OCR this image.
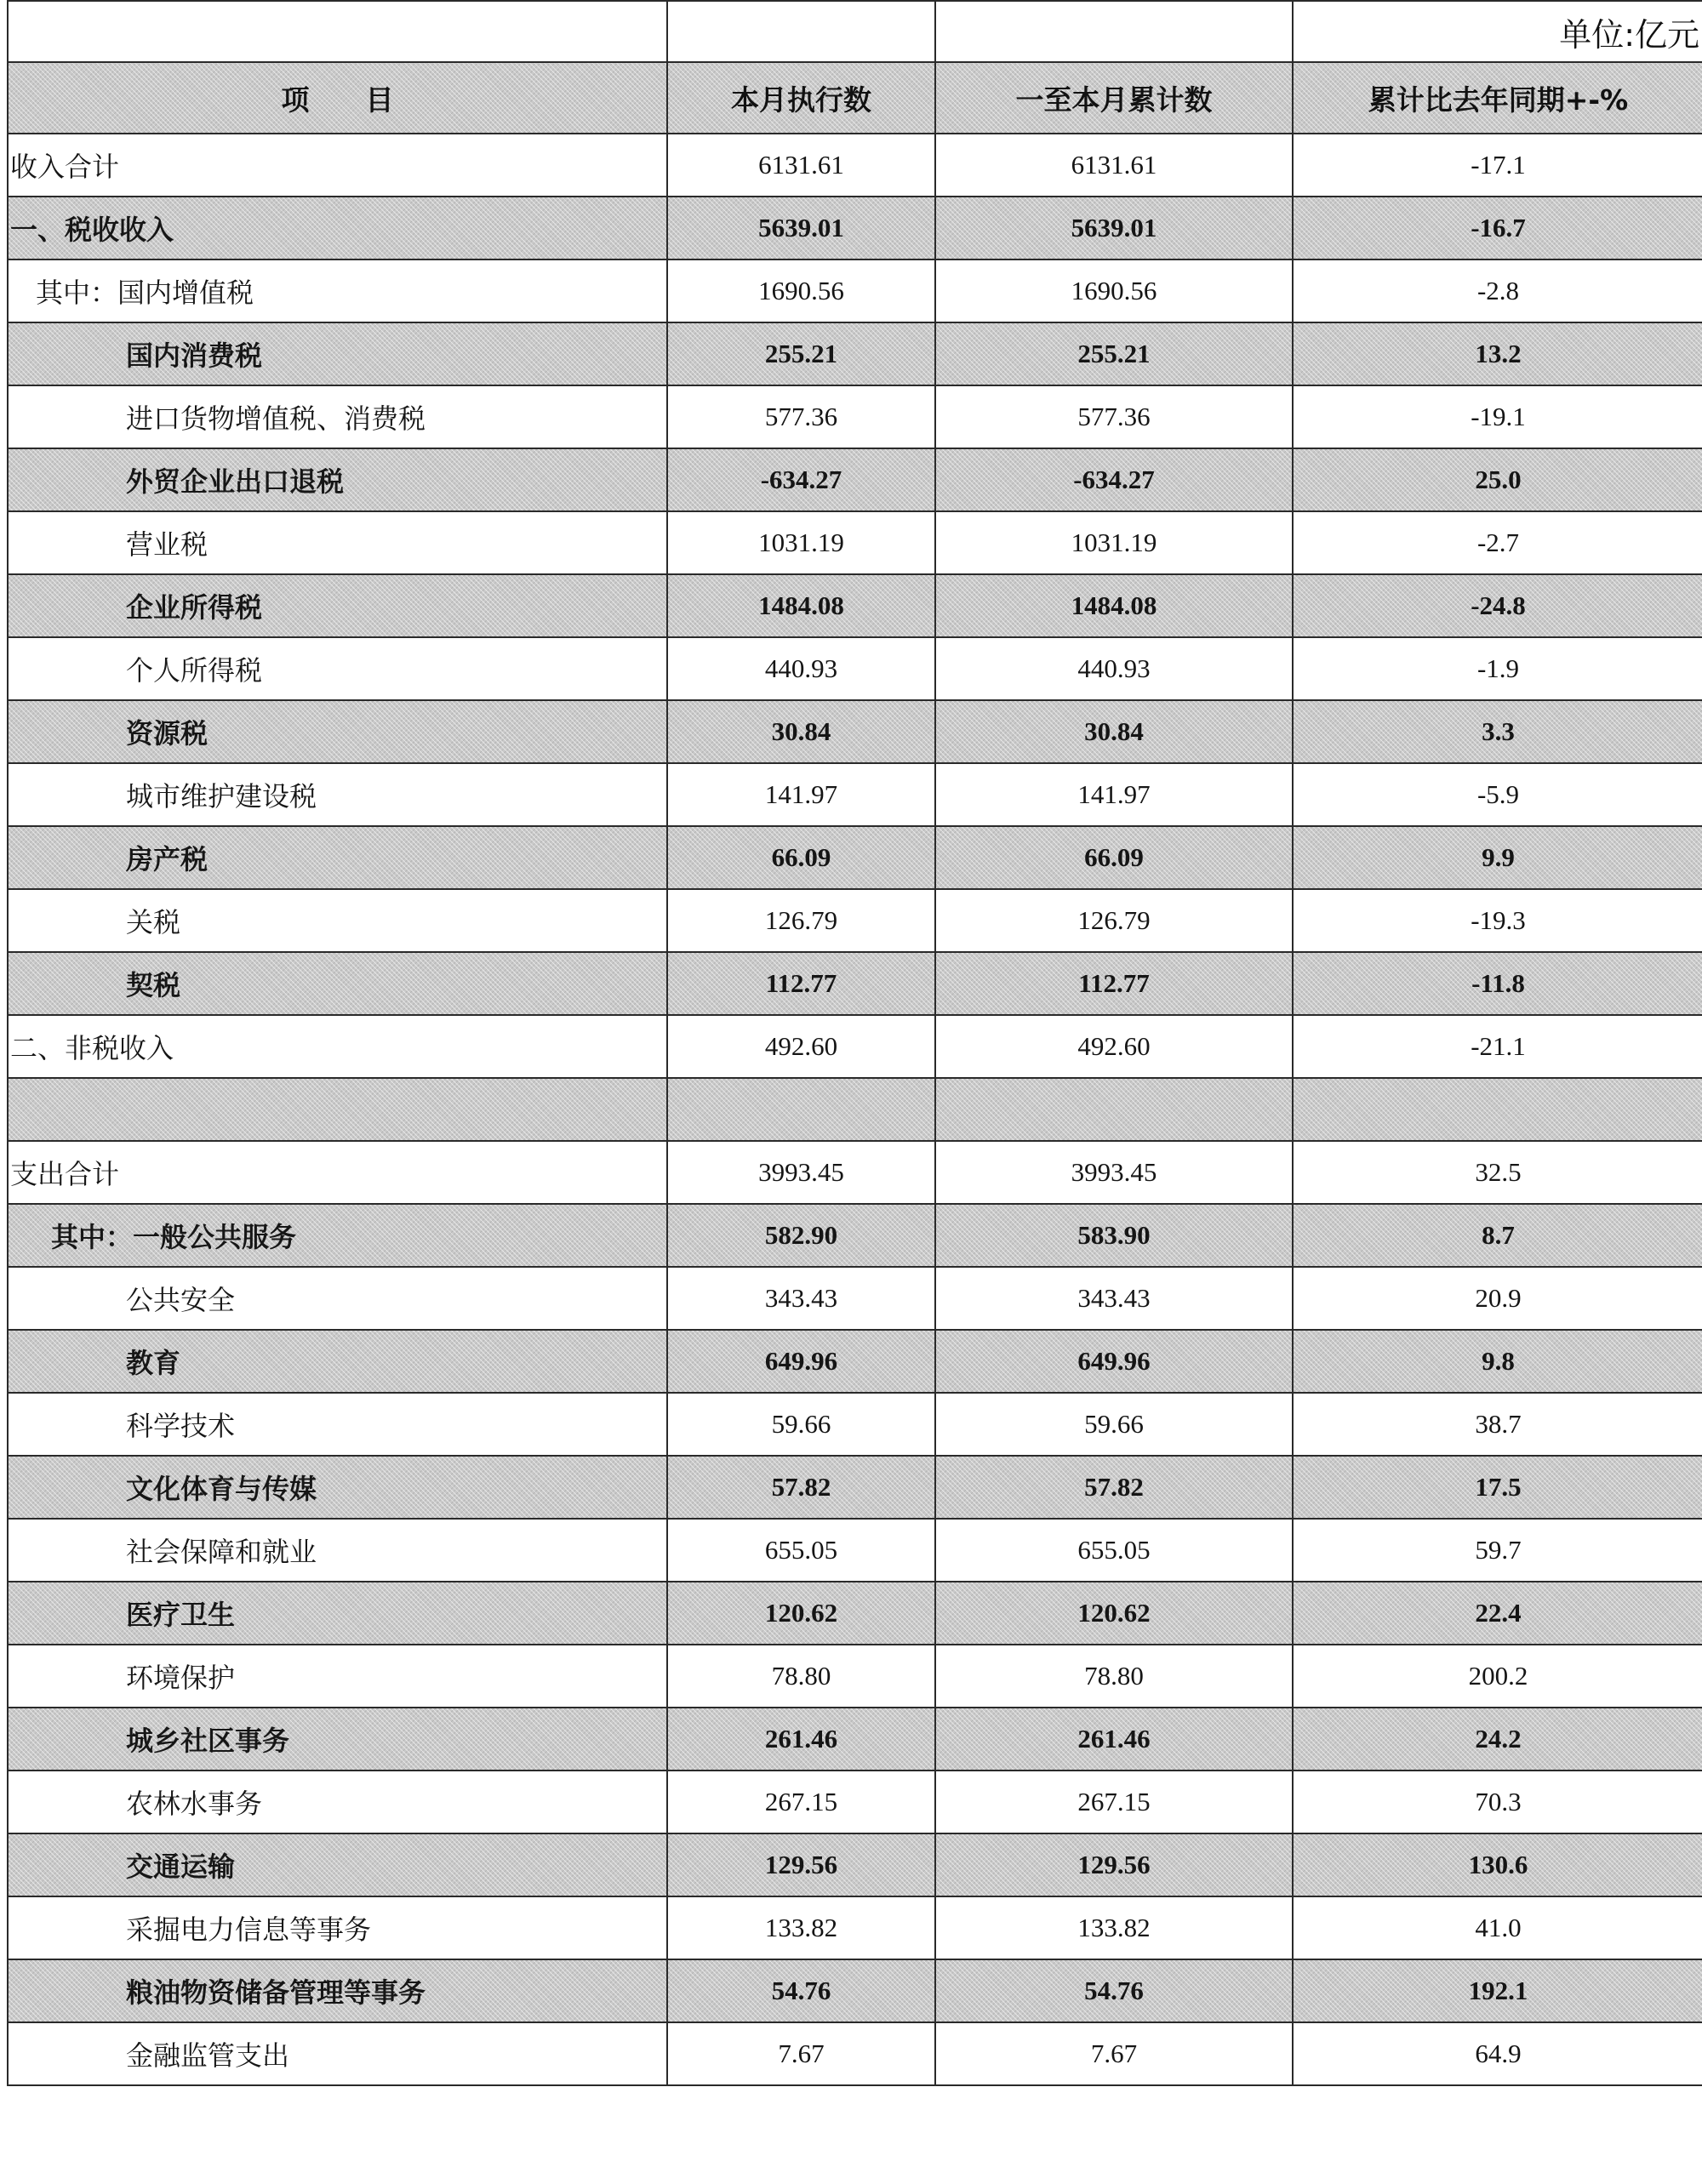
			单位:亿元
项　　目	本月执行数	一至本月累计数	累计比去年同期+-%
收入合计	6131.61	6131.61	-17.1
一、税收收入	5639.01	5639.01	-16.7
其中：国内增值税	1690.56	1690.56	-2.8
国内消费税	255.21	255.21	13.2
进口货物增值税、消费税	577.36	577.36	-19.1
外贸企业出口退税	-634.27	-634.27	25.0
营业税	1031.19	1031.19	-2.7
企业所得税	1484.08	1484.08	-24.8
个人所得税	440.93	440.93	-1.9
资源税	30.84	30.84	3.3
城市维护建设税	141.97	141.97	-5.9
房产税	66.09	66.09	9.9
关税	126.79	126.79	-19.3
契税	112.77	112.77	-11.8
二、非税收入	492.60	492.60	-21.1

支出合计	3993.45	3993.45	32.5
其中：一般公共服务	582.90	583.90	8.7
公共安全	343.43	343.43	20.9
教育	649.96	649.96	9.8
科学技术	59.66	59.66	38.7
文化体育与传媒	57.82	57.82	17.5
社会保障和就业	655.05	655.05	59.7
医疗卫生	120.62	120.62	22.4
环境保护	78.80	78.80	200.2
城乡社区事务	261.46	261.46	24.2
农林水事务	267.15	267.15	70.3
交通运输	129.56	129.56	130.6
采掘电力信息等事务	133.82	133.82	41.0
粮油物资储备管理等事务	54.76	54.76	192.1
金融监管支出	7.67	7.67	64.9
